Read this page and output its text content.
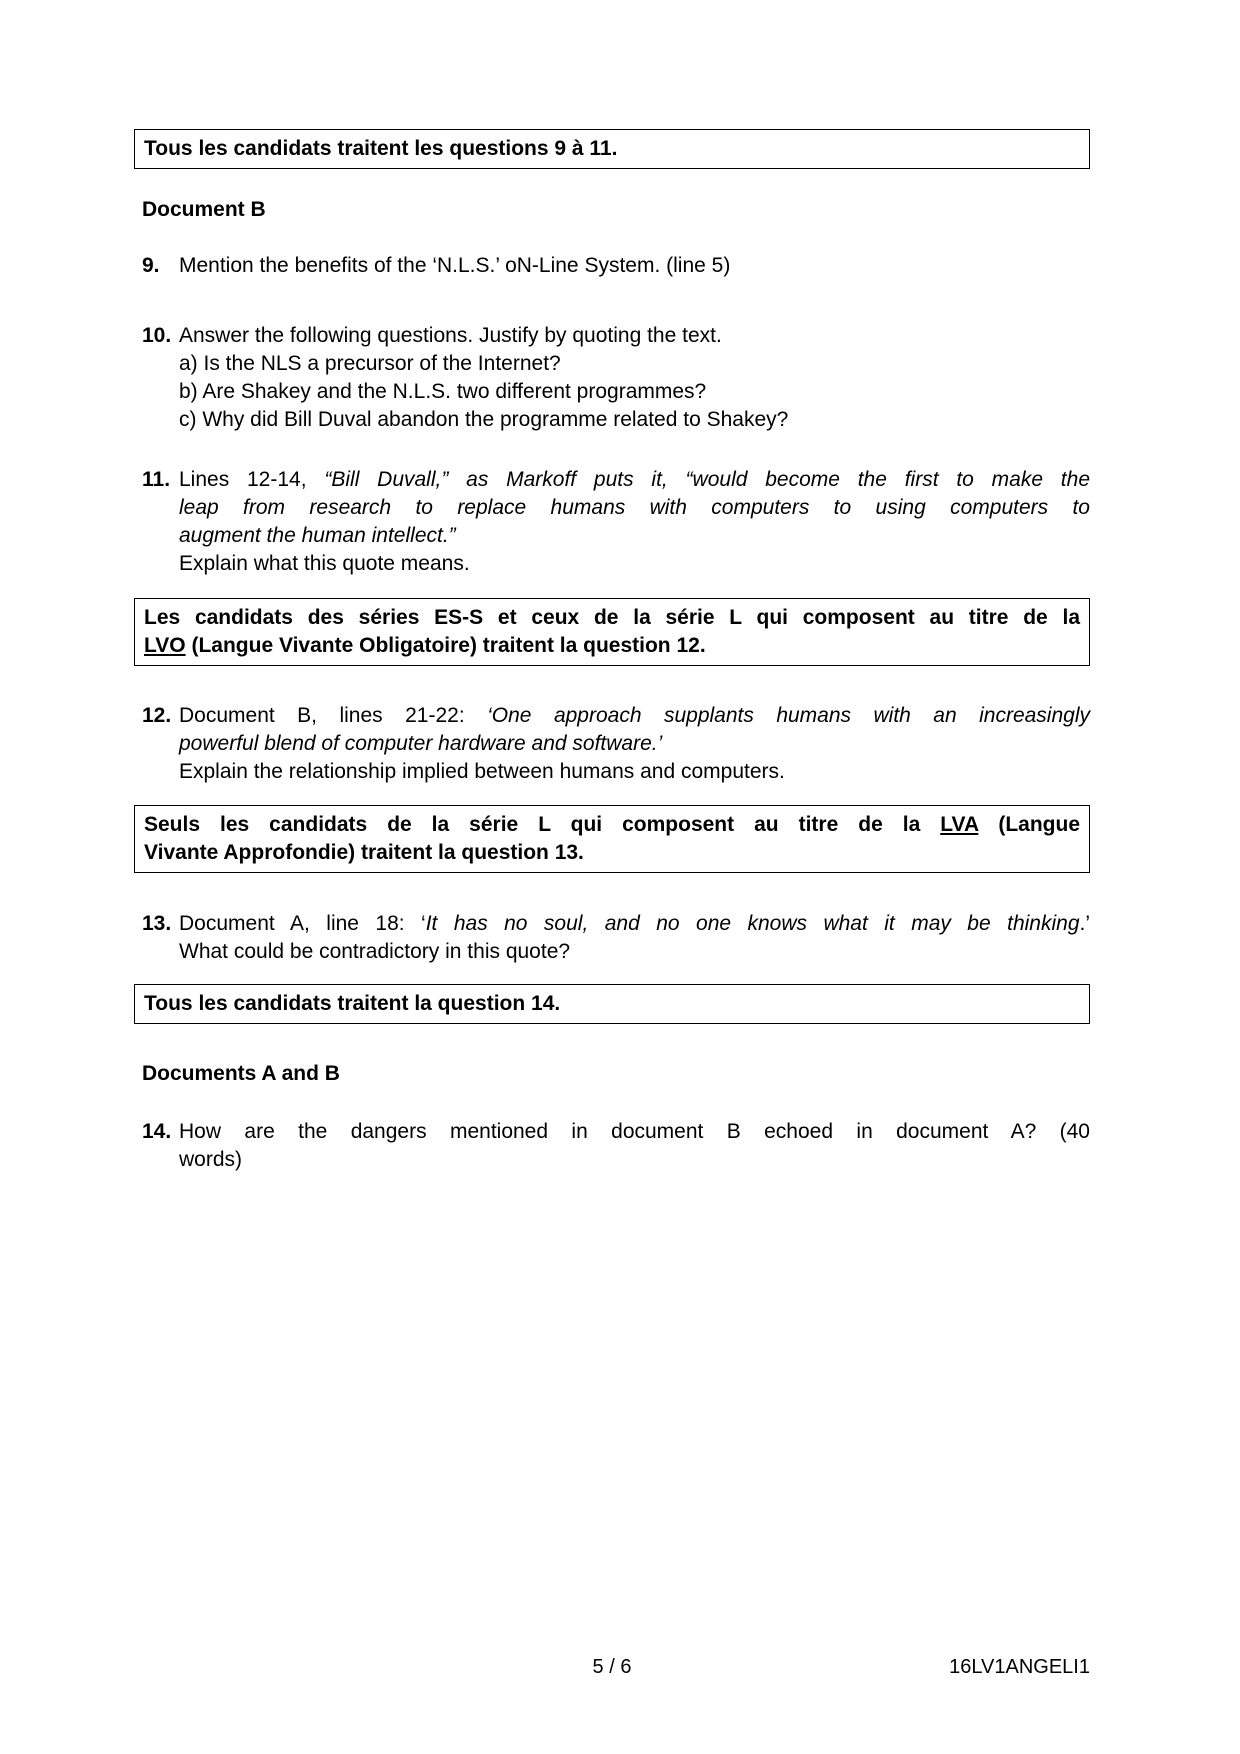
Tous les candidats traitent les questions 9 à 11.
Document B
9. Mention the benefits of the ‘N.L.S.’ oN-Line System. (line 5)
10. Answer the following questions. Justify by quoting the text.
a) Is the NLS a precursor of the Internet?
b) Are Shakey and the N.L.S. two different programmes?
c) Why did Bill Duval abandon the programme related to Shakey?
11. Lines 12-14, “Bill Duvall,” as Markoff puts it, “would become the first to make the
leap from research to replace humans with computers to using computers to
augment the human intellect.”
Explain what this quote means.
Les candidats des séries ES-S et ceux de la série L qui composent au titre de la
LVO (Langue Vivante Obligatoire) traitent la question 12.
12. Document B, lines 21-22: ‘One approach supplants humans with an increasingly
powerful blend of computer hardware and software.’
Explain the relationship implied between humans and computers.
Seuls les candidats de la série L qui composent au titre de la LVA (Langue
Vivante Approfondie) traitent la question 13.
13. Document A, line 18: ‘It has no soul, and no one knows what it may be thinking.’
What could be contradictory in this quote?
Tous les candidats traitent la question 14.
Documents A and B
14. How are the dangers mentioned in document B echoed in document A? (40
words)
5 / 6	16LV1ANGELI1
